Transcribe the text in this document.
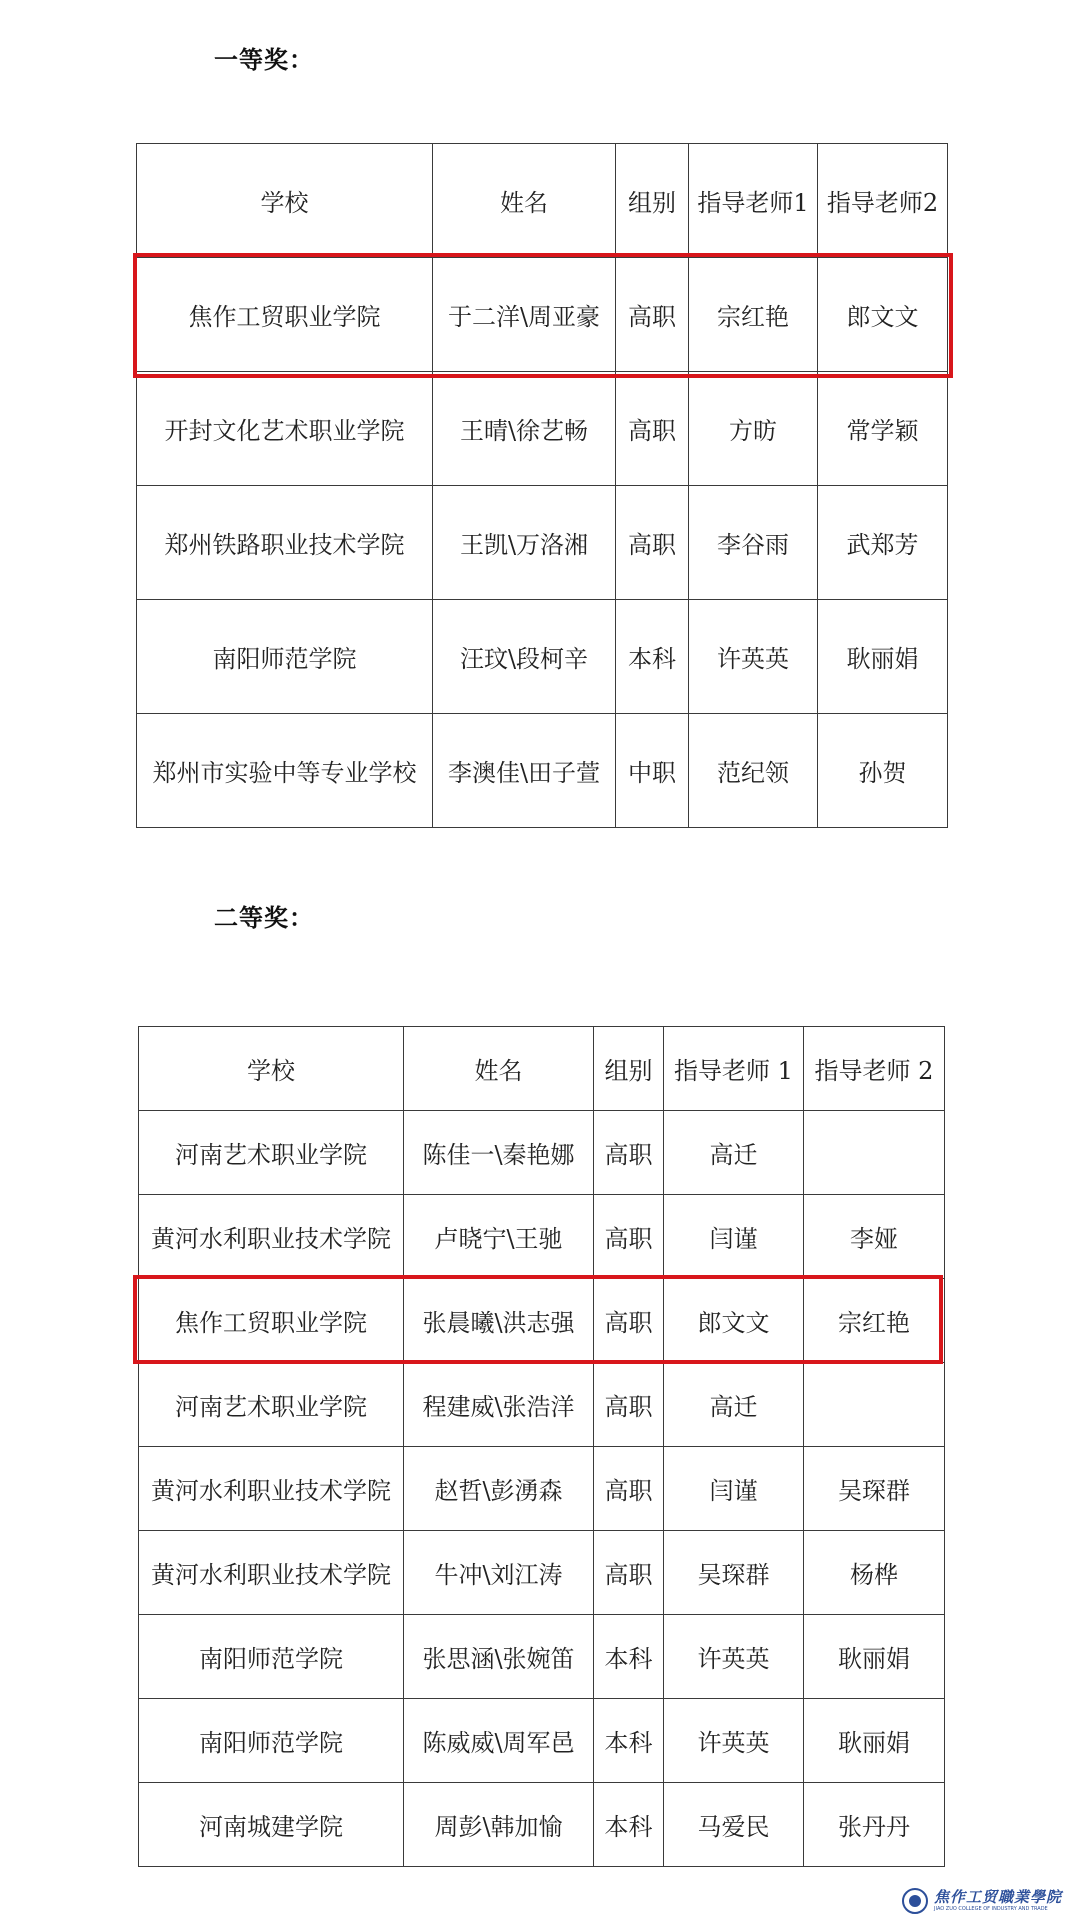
一等奖：
学校	姓名	组别	指导老师1	指导老师2
焦作工贸职业学院	于二洋\周亚豪	高职	宗红艳	郎文文
开封文化艺术职业学院	王晴\徐艺畅	高职	方昉	常学颖
郑州铁路职业技术学院	王凯\万洛湘	高职	李谷雨	武郑芳
南阳师范学院	汪玟\段柯辛	本科	许英英	耿丽娟
郑州市实验中等专业学校	李澳佳\田子萱	中职	范纪领	孙贺
二等奖：
学校	姓名	组别	指导老师 1	指导老师 2
河南艺术职业学院	陈佳一\秦艳娜	高职	高迁	
黄河水利职业技术学院	卢晓宁\王驰	高职	闫谨	李娅
焦作工贸职业学院	张晨曦\洪志强	高职	郎文文	宗红艳
河南艺术职业学院	程建威\张浩洋	高职	高迁	
黄河水利职业技术学院	赵哲\彭湧森	高职	闫谨	吴琛群
黄河水利职业技术学院	牛冲\刘江涛	高职	吴琛群	杨桦
南阳师范学院	张思涵\张婉笛	本科	许英英	耿丽娟
南阳师范学院	陈威威\周军邑	本科	许英英	耿丽娟
河南城建学院	周彭\韩加愉	本科	马爱民	张丹丹
焦作工贸職業學院
JIAO ZUO COLLEGE OF INDUSTRY AND TRADE
